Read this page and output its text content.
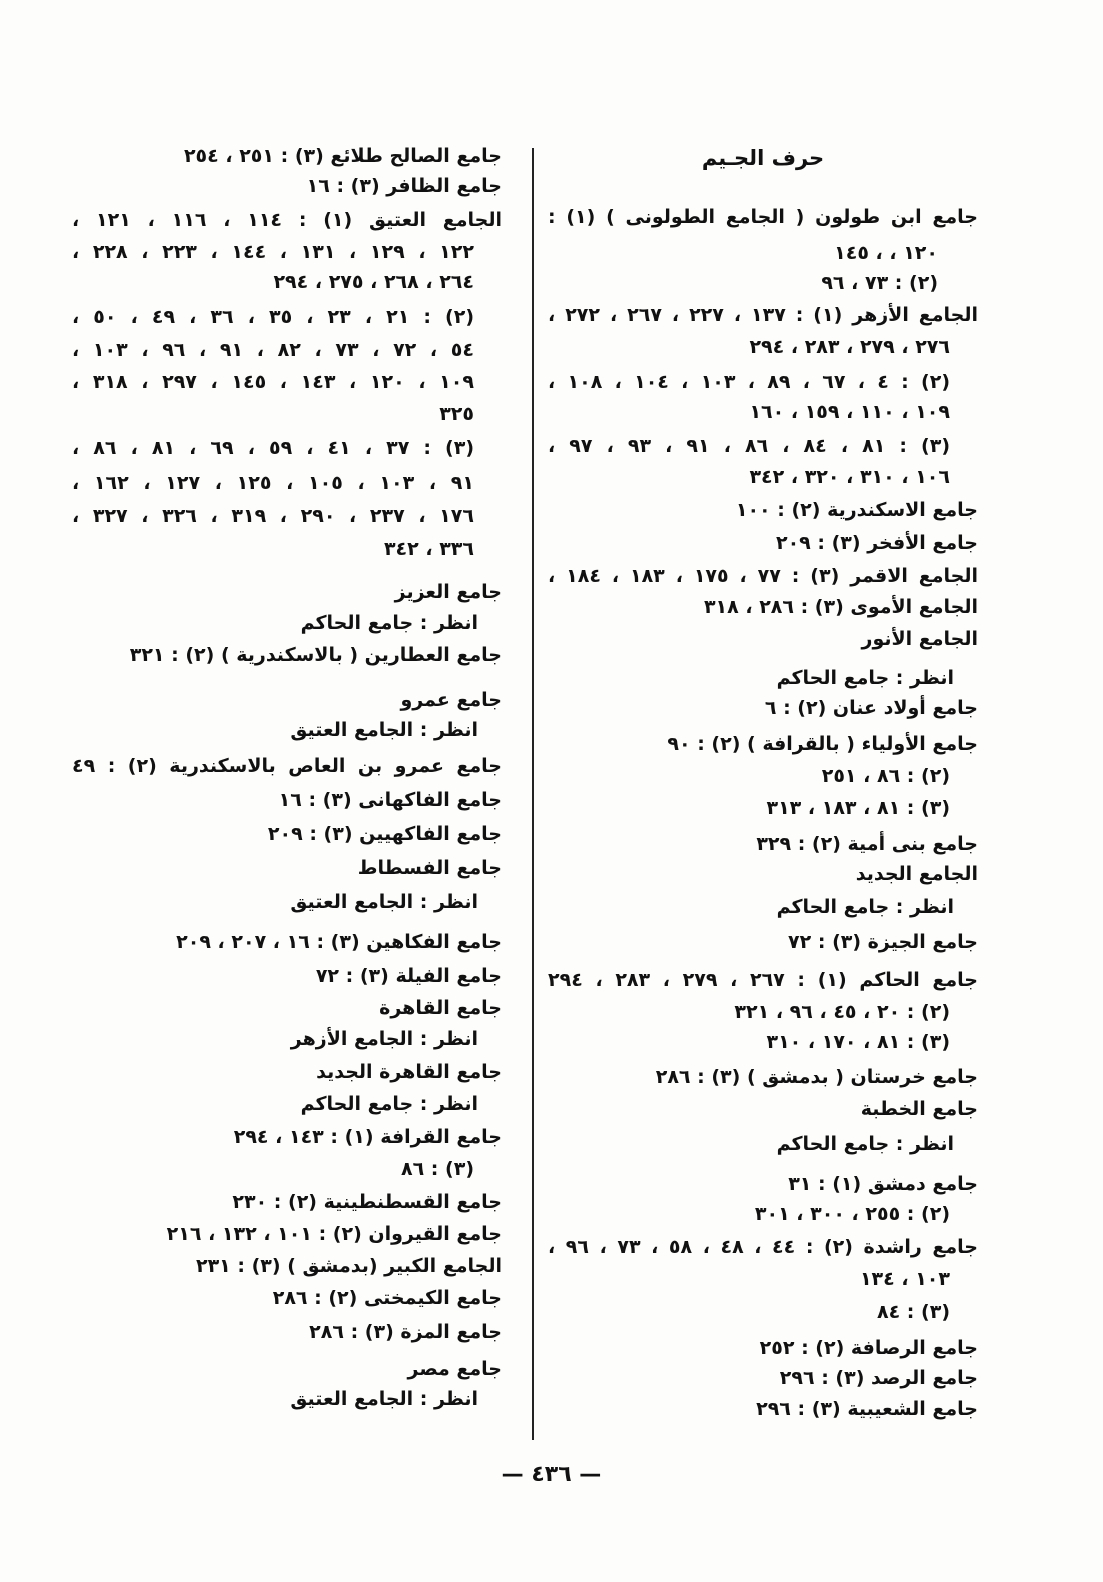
حرف الجـيم
جامع ابن طولون ( الجامع الطولونى ) (١) :
١٢٠ ، ، ١٤٥
(٢) : ٧٣ ، ٩٦
الجامع الأزهر (١) : ١٣٧ ، ٢٢٧ ، ٢٦٧ ، ٢٧٢ ،
٢٧٦ ، ٢٧٩ ، ٢٨٣ ، ٢٩٤
(٢) : ٤ ، ٦٧ ، ٨٩ ، ١٠٣ ، ١٠٤ ، ١٠٨ ،
١٠٩ ، ١١٠ ، ١٥٩ ، ١٦٠
(٣) : ٨١ ، ٨٤ ، ٨٦ ، ٩١ ، ٩٣ ، ٩٧ ،
١٠٦ ، ٣١٠ ، ٣٢٠ ، ٣٤٢
جامع الاسكندرية (٢) : ١٠٠
جامع الأفخر (٣) : ٢٠٩
الجامع الاقمر (٣) : ٧٧ ، ١٧٥ ، ١٨٣ ، ١٨٤ ،
الجامع الأموى (٣) : ٢٨٦ ، ٣١٨
الجامع الأنور
انظر : جامع الحاكم
جامع أولاد عنان (٢) : ٦
جامع الأولياء ( بالقرافة ) (٢) : ٩٠
(٢) : ٨٦ ، ٢٥١
(٣) : ٨١ ، ١٨٣ ، ٣١٣
جامع بنى أمية (٢) : ٣٢٩
الجامع الجديد
انظر : جامع الحاكم
جامع الجيزة (٣) : ٧٢
جامع الحاكم (١) : ٢٦٧ ، ٢٧٩ ، ٢٨٣ ، ٢٩٤
(٢) : ٢٠ ، ٤٥ ، ٩٦ ، ٣٢١
(٣) : ٨١ ، ١٧٠ ، ٣١٠
جامع خرستان ( بدمشق ) (٣) : ٢٨٦
جامع الخطبة
انظر : جامع الحاكم
جامع دمشق (١) : ٣١
(٢) : ٢٥٥ ، ٣٠٠ ، ٣٠١
جامع راشدة (٢) : ٤٤ ، ٤٨ ، ٥٨ ، ٧٣ ، ٩٦ ،
١٠٣ ، ١٣٤
(٣) : ٨٤
جامع الرصافة (٢) : ٢٥٢
جامع الرصد (٣) : ٢٩٦
جامع الشعيبية (٣) : ٢٩٦
جامع الصالح طلائع (٣) : ٢٥١ ، ٢٥٤
جامع الظافر (٣) : ١٦
الجامع العتيق (١) : ١١٤ ، ١١٦ ، ١٢١ ،
١٢٢ ، ١٢٩ ، ١٣١ ، ١٤٤ ، ٢٢٣ ، ٢٢٨ ،
٢٦٤ ، ٢٦٨ ، ٢٧٥ ، ٢٩٤
(٢) : ٢١ ، ٢٣ ، ٣٥ ، ٣٦ ، ٤٩ ، ٥٠ ،
٥٤ ، ٧٢ ، ٧٣ ، ٨٢ ، ٩١ ، ٩٦ ، ١٠٣ ،
١٠٩ ، ١٢٠ ، ١٤٣ ، ١٤٥ ، ٢٩٧ ، ٣١٨ ،
٣٢٥
(٣) : ٣٧ ، ٤١ ، ٥٩ ، ٦٩ ، ٨١ ، ٨٦ ،
٩١ ، ١٠٣ ، ١٠٥ ، ١٢٥ ، ١٢٧ ، ١٦٢ ،
١٧٦ ، ٢٣٧ ، ٢٩٠ ، ٣١٩ ، ٣٢٦ ، ٣٢٧ ،
٣٣٦ ، ٣٤٢
جامع العزيز
انظر : جامع الحاكم
جامع العطارين ( بالاسكندرية ) (٢) : ٣٢١
جامع عمرو
انظر : الجامع العتيق
جامع عمرو بن العاص بالاسكندرية (٢) : ٤٩
جامع الفاكهانى (٣) : ١٦
جامع الفاكهيين (٣) : ٢٠٩
جامع الفسطاط
انظر : الجامع العتيق
جامع الفكاهين (٣) : ١٦ ، ٢٠٧ ، ٢٠٩
جامع الفيلة (٣) : ٧٢
جامع القاهرة
انظر : الجامع الأزهر
جامع القاهرة الجديد
انظر : جامع الحاكم
جامع القرافة (١) : ١٤٣ ، ٢٩٤
(٣) : ٨٦
جامع القسطنطينية (٢) : ٢٣٠
جامع القيروان (٢) : ١٠١ ، ١٣٢ ، ٢١٦
الجامع الكبير (بدمشق ) (٣) : ٢٣١
جامع الكيمختى (٢) : ٢٨٦
جامع المزة (٣) : ٢٨٦
جامع مصر
انظر : الجامع العتيق
— ٤٣٦ —
